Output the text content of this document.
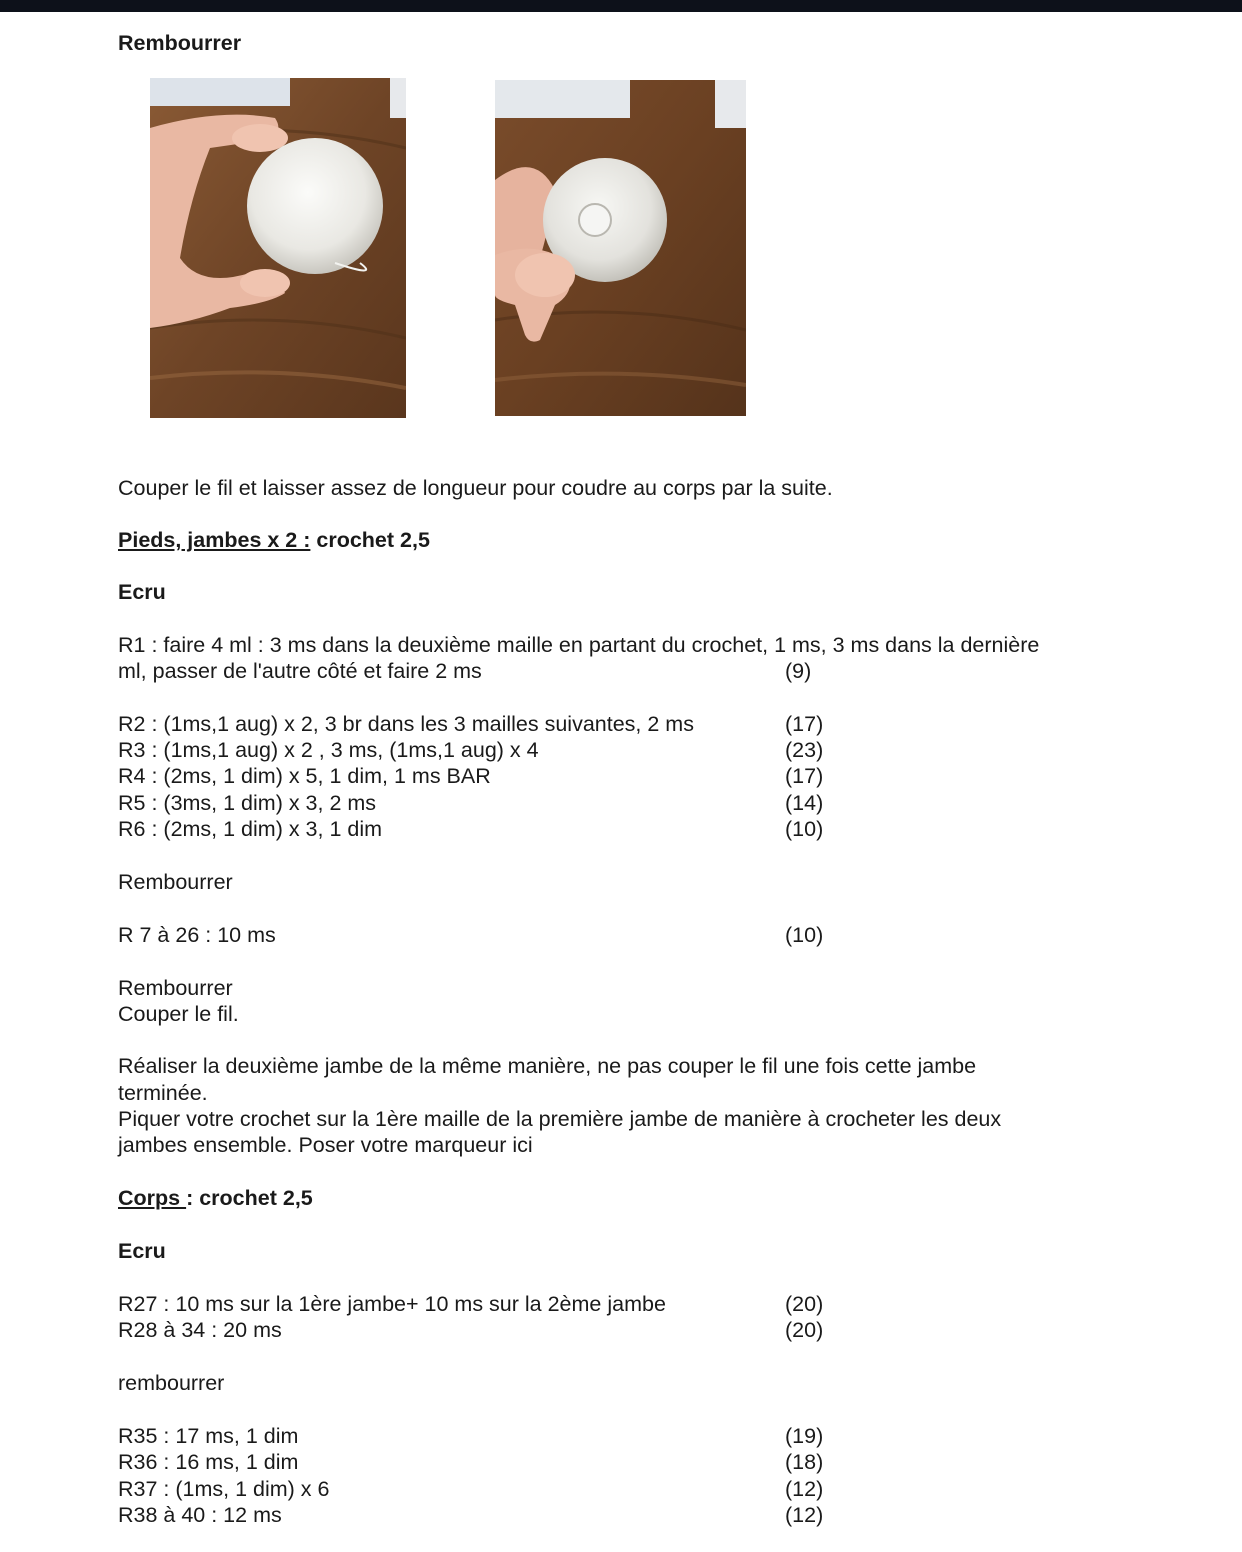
Rembourrer
Couper le fil et laisser assez de longueur pour coudre au corps par la suite.
Pieds, jambes x 2 : crochet 2,5
Ecru
R1 : faire 4 ml : 3 ms dans la deuxième maille en partant du crochet, 1 ms, 3 ms dans la dernière
ml, passer de l'autre côté et faire 2 ms	(9)
R2 : (1ms,1 aug) x 2, 3 br dans les 3 mailles suivantes, 2 ms	(17)
R3 : (1ms,1 aug) x 2 , 3 ms, (1ms,1 aug) x 4	(23)
R4 : (2ms, 1 dim) x 5, 1 dim, 1 ms BAR	(17)
R5 : (3ms, 1 dim) x 3, 2 ms	(14)
R6 : (2ms, 1 dim) x 3, 1 dim	(10)
Rembourrer
R 7 à 26 : 10 ms	(10)
Rembourrer
Couper le fil.
Réaliser la deuxième jambe de la même manière, ne pas couper le fil une fois cette jambe
terminée.
Piquer votre crochet sur la 1ère maille de la première jambe de manière à crocheter les deux
jambes ensemble. Poser votre marqueur ici
Corps : crochet 2,5
Ecru
R27 : 10 ms sur la 1ère jambe+ 10 ms sur la 2ème jambe	(20)
R28 à 34 : 20 ms	(20)
rembourrer
R35 : 17 ms, 1 dim	(19)
R36 : 16 ms, 1 dim	(18)
R37 : (1ms, 1 dim) x 6	(12)
R38 à 40 : 12 ms	(12)
